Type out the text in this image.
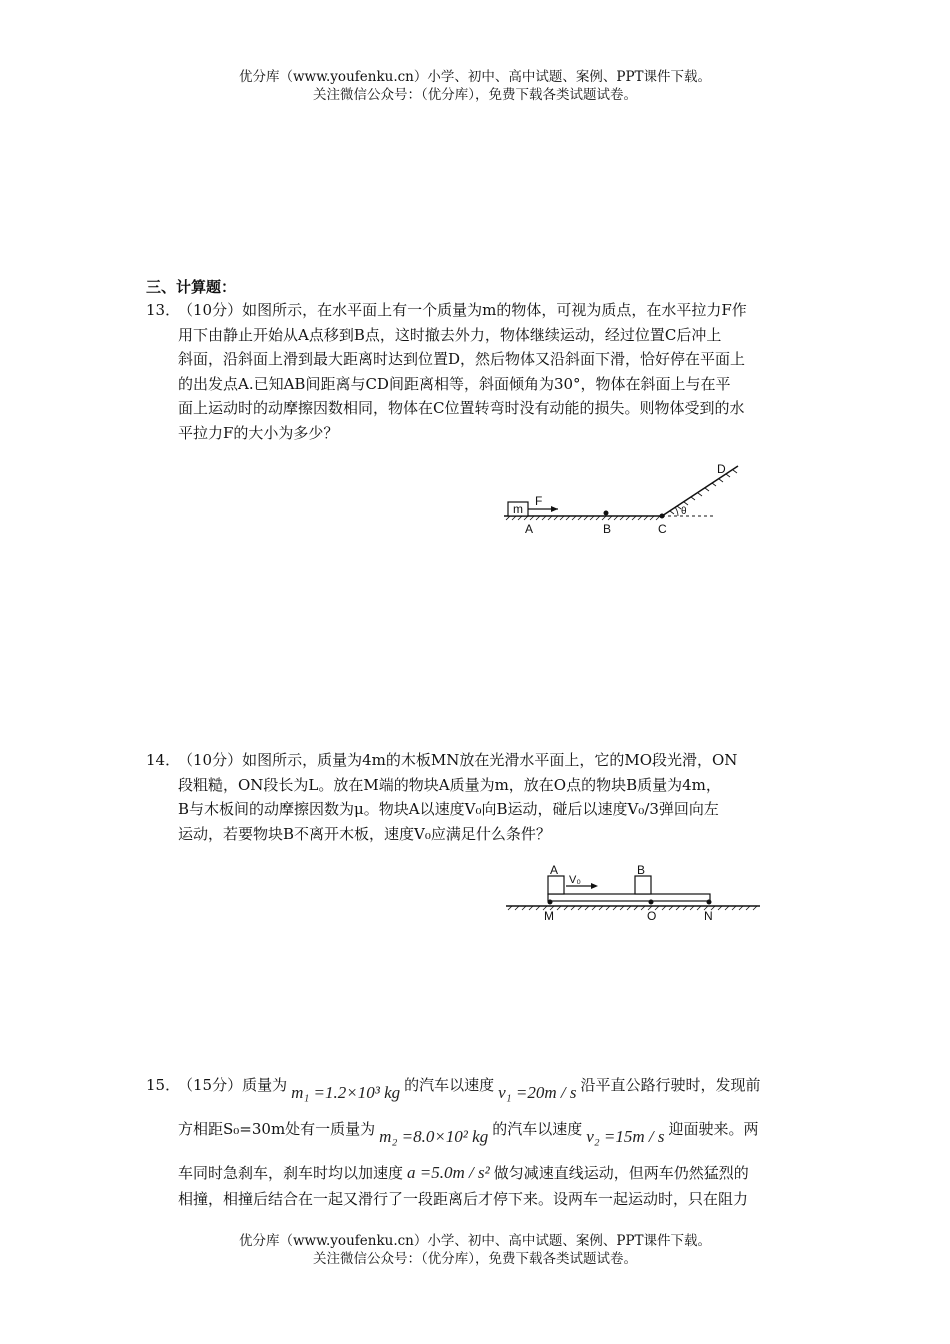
优分库（www.youfenku.cn）小学、初中、高中试题、案例、PPT课件下载。
关注微信公众号：（优分库），免费下载各类试题试卷。
三、计算题：
13．

（10分）如图所示，在水平面上有一个质量为m的物体，可视为质点，在水平拉力F作

用下由静止开始从A点移到B点，这时撤去外力，物体继续运动，经过位置C后冲上

斜面，沿斜面上滑到最大距离时达到位置D，然后物体又沿斜面下滑，恰好停在平面上

的出发点A.已知AB间距离与CD间距离相等，斜面倾角为30°，物体在斜面上与在平

面上运动时的动摩擦因数相同，物体在C位置转弯时没有动能的损失。则物体受到的水

平拉力F的大小为多少？

m
F
A	B	C
D
θ
14．

（10分）如图所示，质量为4m的木板MN放在光滑水平面上，它的MO段光滑，ON

段粗糙，ON段长为L。放在M端的物块A质量为m，放在O点的物块B质量为4m，

B与木板间的动摩擦因数为μ。物块A以速度V₀向B运动，碰后以速度V₀/3弹回向左

运动，若要物块B不离开木板，速度V₀应满足什么条件？

A	B
V₀
M	O	N
15．

（15分）质量为 m₁ =1.2×10³ kg 的汽车以速度 v₁ =20m / s 沿平直公路行驶时，发现前

方相距S₀=30m处有一质量为 m₂ =8.0×10² kg 的汽车以速度 v₂ =15m / s 迎面驶来。两

车同时急刹车，刹车时均以加速度 a =5.0m / s² 做匀减速直线运动，但两车仍然猛烈的

相撞，相撞后结合在一起又滑行了一段距离后才停下来。设两车一起运动时，只在阻力

优分库（www.youfenku.cn）小学、初中、高中试题、案例、PPT课件下载。
关注微信公众号：（优分库），免费下载各类试题试卷。
